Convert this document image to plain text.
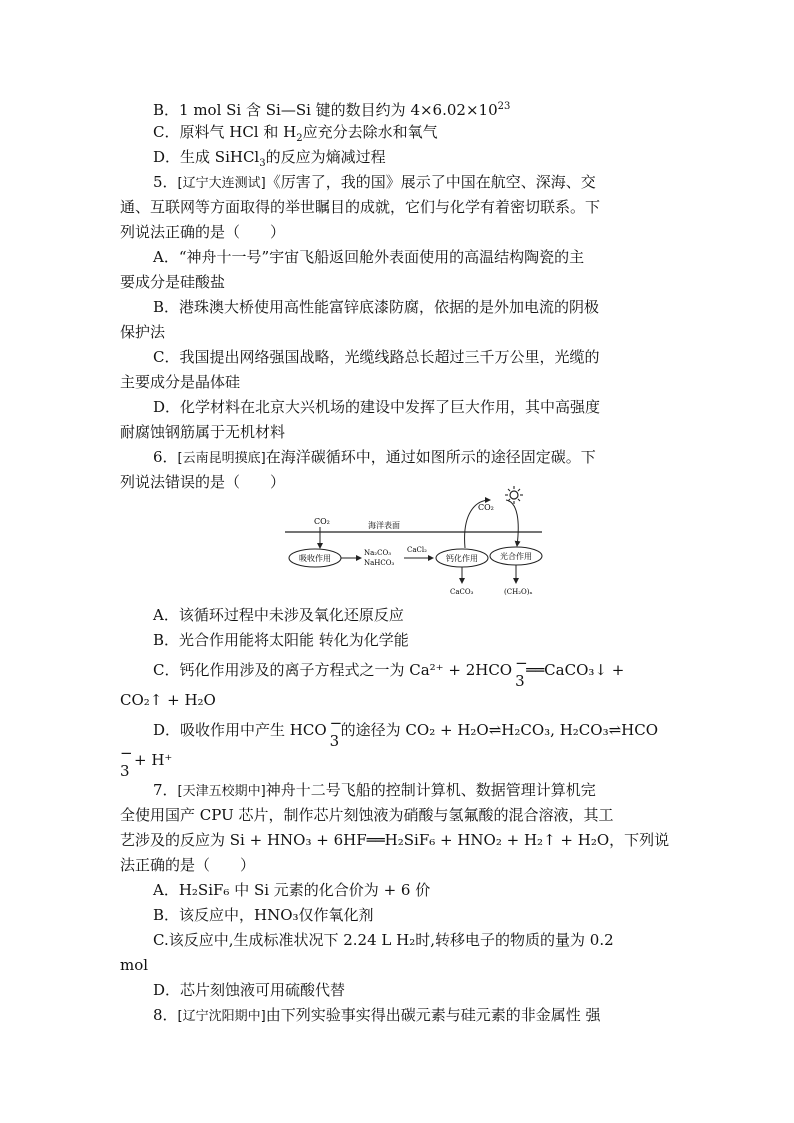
B．1 mol Si 含 Si—Si 键的数目约为 $4\times 6.02\times 10^{23}$
C．原料气 HCl 和 $H_2$应充分去除水和氧气
D．生成 SiHCl$_3$的反应为熵减过程
5．[辽宁大连测试]《厉害了，我的国》展示了中国在航空、深海、交
通、互联网等方面取得的举世瞩目的成就，它们与化学有着密切联系。下
列说法正确的是（　　）
A．“神舟十一号”宇宙飞船返回舱外表面使用的高温结构陶瓷的主
要成分是硅酸盐
B．港珠澳大桥使用高性能富锌底漆防腐，依据的是外加电流的阴极
保护法
C．我国提出网络强国战略，光缆线路总长超过三千万公里，光缆的
主要成分是晶体硅
D．化学材料在北京大兴机场的建设中发挥了巨大作用，其中高强度
耐腐蚀钢筋属于无机材料
6．[云南昆明摸底]在海洋碳循环中，通过如图所示的途径固定碳。下
列说法错误的是（　　）
CO₂	海洋表面
吸收作用
Na₂CO₃
NaHCO₃
CaCl₂
钙化作用	光合作用
CO₂
CaCO₃	(CH₂O)ₙ
A．该循环过程中未涉及氧化还原反应
B．光合作用能将太阳能 转化为化学能
C．钙化作用涉及的离子方程式之一为 Ca²⁺ + 2HCO −
3
══CaCO₃↓ +
CO₂↑ + H₂O
D．吸收作用中产生 HCO −
3
的途径为 CO₂ + H₂O⇌H₂CO₃, H₂CO₃⇌HCO
−
3
+ H⁺
7．[天津五校期中]神舟十二号飞船的控制计算机、数据管理计算机完
全使用国产 CPU 芯片，制作芯片刻蚀液为硝酸与氢氟酸的混合溶液，其工
艺涉及的反应为 Si + HNO₃ + 6HF══H₂SiF₆ + HNO₂ + H₂↑ + H₂O，下列说
法正确的是（　　）
A．H₂SiF₆ 中 Si 元素的化合价为 + 6 价
B．该反应中，HNO₃仅作氧化剂
C.该反应中,生成标准状况下 2.24 L H₂时,转移电子的物质的量为 0.2
mol
D．芯片刻蚀液可用硫酸代替
8．[辽宁沈阳期中]由下列实验事实得出碳元素与硅元素的非金属性 强
